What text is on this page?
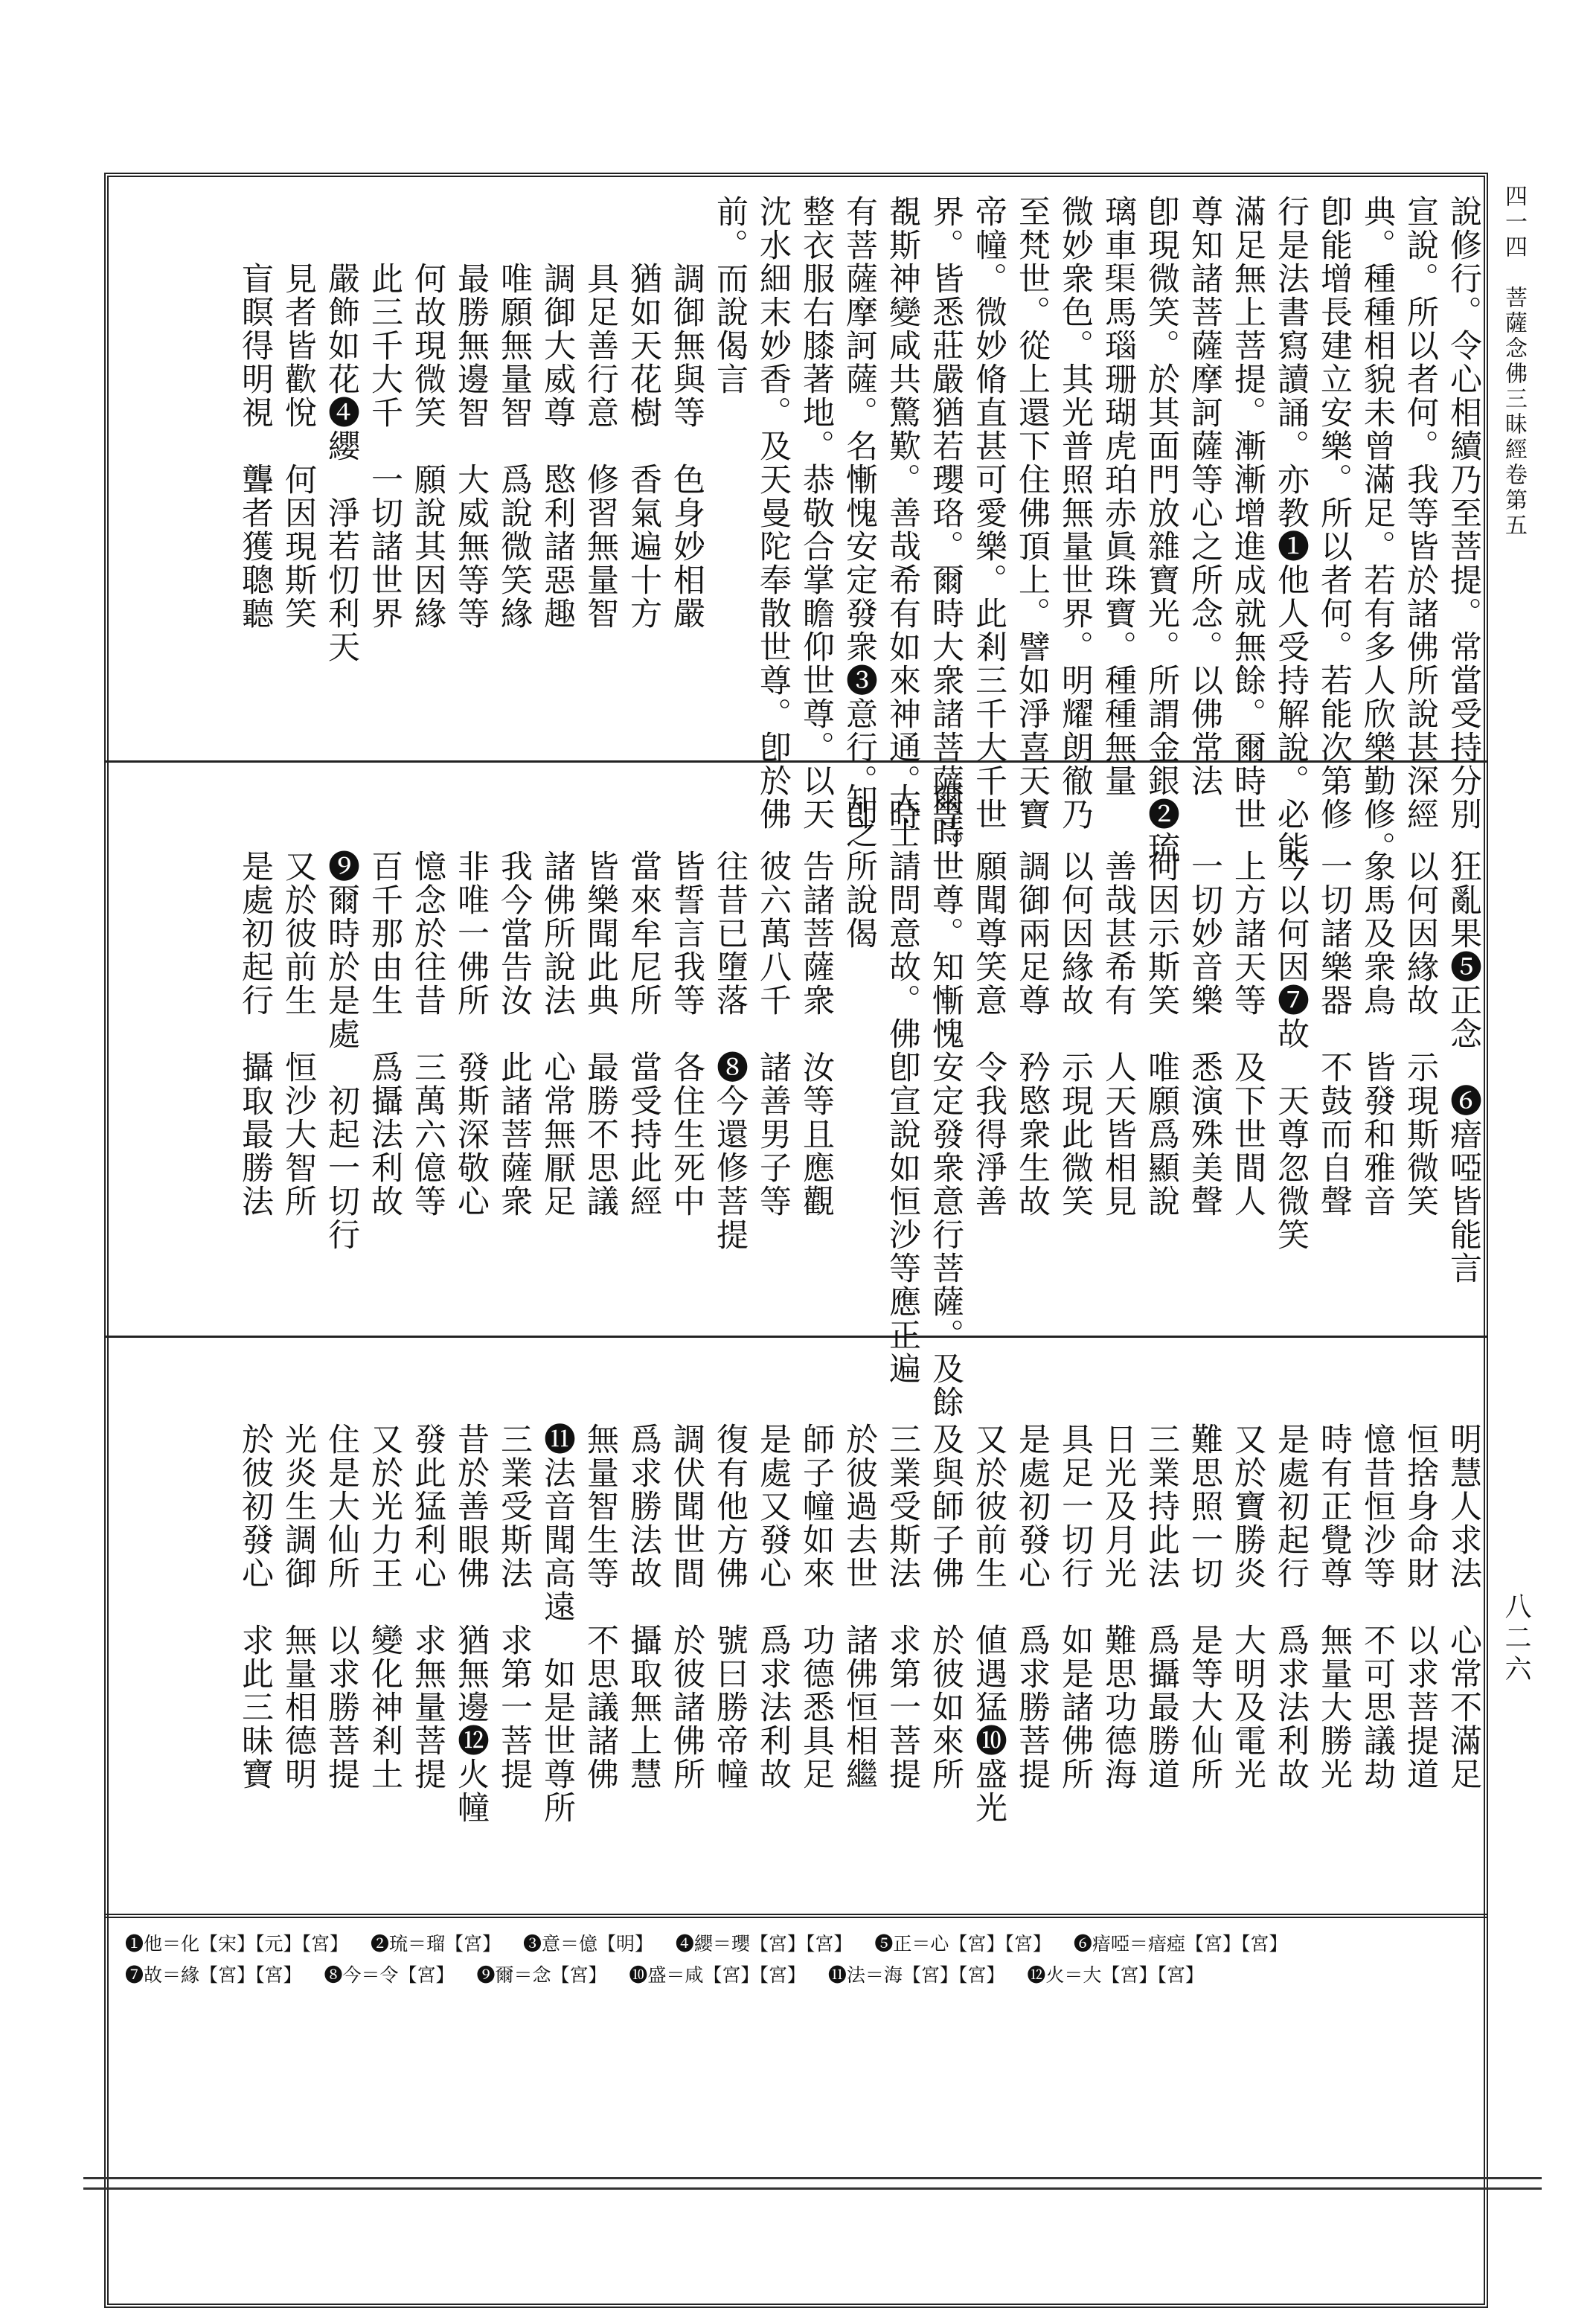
四一四　菩薩念佛三昧經卷第五
八二六
說修行。令心相續乃至菩提。常當受持分別
宣說。所以者何。我等皆於諸佛所說甚深經
典。種種相貌未曾滿足。若有多人欣樂勤修。
卽能增長建立安樂。所以者何。若能次第修
行是法書寫讀誦。亦教❶他人受持解說。必能
滿足無上菩提。漸漸增進成就無餘。爾時世
尊知諸菩薩摩訶薩等心之所念。以佛常法
卽現微笑。於其面門放雜寶光。所謂金銀❷琉
璃車𤦲馬瑙珊瑚虎珀赤眞珠寶。種種無量
微妙衆色。其光普照無量世界。明耀朗徹乃
至梵世。從上還下住佛頂上。譬如淨喜天寶
帝幢。微妙脩直甚可愛樂。此剎三千大千世
界。皆悉莊嚴猶若瓔珞。爾時大衆諸菩薩等。
覩斯神變咸共驚歎。善哉希有如來神通。時
有菩薩摩訶薩。名慚愧安定發衆❸意行。卽
整衣服右膝著地。恭敬合掌瞻仰世尊。以天
沈水細末妙香。及天曼陀奉散世尊。卽於佛
前。而說偈言
　　調御無與等　色身妙相嚴
　　猶如天花樹　香氣遍十方
　　具足善行意　修習無量智
　　調御大威尊　愍利諸惡趣
　　唯願無量智　爲說微笑緣
　　最勝無邊智　大威無等等
　　何故現微笑　願說其因緣
　　此三千大千　一切諸世界
　　嚴飾如花❹纓　淨若忉利天
　　見者皆歡悅　何因現斯笑
　　盲瞑得明視　聾者獲聰聽
　　狂亂果❺正念　❻瘖啞皆能言
　　以何因緣故　示現斯微笑
　　象馬及衆鳥　皆發和雅音
　　一切諸樂器　不鼓而自聲
　　今以何因❼故　天尊忽微笑
　　上方諸天等　及下世間人
　　一切妙音樂　悉演殊美聲
　　何因示斯笑　唯願爲顯說
　　善哉甚希有　人天皆相見
　　以何因緣故　示現此微笑
　　調御兩足尊　矜愍衆生故
　　願聞尊笑意　令我得淨善
爾時世尊。知慚愧安定發衆意行菩薩。及餘
大士請問意故。佛卽宣說如恒沙等應正遍
知之所說偈
　　告諸菩薩衆　汝等且應觀
　　彼六萬八千　諸善男子等
　　往昔已墮落　❽今還修菩提
　　皆誓言我等　各住生死中
　　當來牟尼所　當受持此經
　　皆樂聞此典　最勝不思議
　　諸佛所說法　心常無厭足
　　我今當告汝　此諸菩薩衆
　　非唯一佛所　發斯深敬心
　　憶念於往昔　三萬六億等
　　百千那由生　爲攝法利故
　　❾爾時於是處　初起一切行
　　又於彼前生　恒沙大智所
　　是處初起行　攝取最勝法
　　明慧人求法　心常不滿足
　　恒捨身命財　以求菩提道
　　憶昔恒沙等　不可思議劫
　　時有正覺尊　無量大勝光
　　是處初起行　爲求法利故
　　又於寶勝炎　大明及電光
　　難思照一切　是等大仙所
　　三業持此法　爲攝最勝道
　　日光及月光　難思功德海
　　具足一切行　如是諸佛所
　　是處初發心　爲求勝菩提
　　又於彼前生　値遇猛❿盛光
　　及與師子佛　於彼如來所
　　三業受斯法　求第一菩提
　　於彼過去世　諸佛恒相繼
　　師子幢如來　功德悉具足
　　是處又發心　爲求法利故
　　復有他方佛　號曰勝帝幢
　　調伏聞世間　於彼諸佛所
　　爲求勝法故　攝取無上慧
　　無量智生等　不思議諸佛
　　⓫法音聞高遠　如是世尊所
　　三業受斯法　求第一菩提
　　昔於善眼佛　猶無邊⓬火幢
　　發此猛利心　求無量菩提
　　又於光力王　變化神剎土
　　住是大仙所　以求勝菩提
　　光炎生調御　無量相德明
　　於彼初發心　求此三昧寶
❶他＝化【宋】【元】【宮】 ❷琉＝瑠【宮】 ❸意＝億【明】 ❹纓＝瓔【宮】【宮】 ❺正＝心【宮】【宮】 ❻瘖啞＝瘖瘂【宮】【宮】 ❼故＝緣【宮】【宮】 ❽今＝令【宮】 ❾爾＝念【宮】 ❿盛＝咸【宮】【宮】 ⓫法＝海【宮】【宮】 ⓬火＝大【宮】【宮】
